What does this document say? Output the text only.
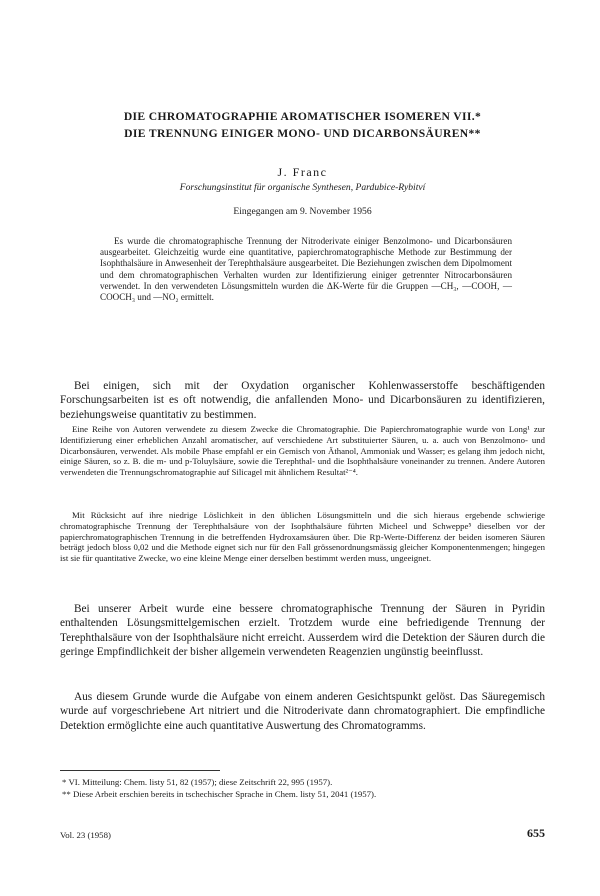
DIE CHROMATOGRAPHIE AROMATISCHER ISOMEREN VII.*
DIE TRENNUNG EINIGER MONO- UND DICARBONSÄUREN**
J. Franc
Forschungsinstitut für organische Synthesen, Pardubice-Rybitví
Eingegangen am 9. November 1956

Es wurde die chromatographische Trennung der Nitroderivate einiger Benzolmono- und Dicarbonsäuren ausgearbeitet. Gleichzeitig wurde eine quantitative, papierchromatographische Methode zur Bestimmung der Isophthalsäure in Anwesenheit der Terephthalsäure ausgearbeitet. Die Beziehungen zwischen dem Dipolmoment und dem chromatographischen Verhalten wurden zur Identifizierung einiger getrennter Nitrocarbonsäuren verwendet. In den verwendeten Lösungsmitteln wurden die ΔK-Werte für die Gruppen —CH₃, —COOH, —COOCH₃ und —NO₂ ermittelt.

Bei einigen, sich mit der Oxydation organischer Kohlenwasserstoffe beschäftigenden Forschungsarbeiten ist es oft notwendig, die anfallenden Mono- und Dicarbonsäuren zu identifizieren, beziehungsweise quantitativ zu bestimmen.

Eine Reihe von Autoren verwendete zu diesem Zwecke die Chromatographie. Die Papierchromatographie wurde von Long¹ zur Identifizierung einer erheblichen Anzahl aromatischer, auf verschiedene Art substituierter Säuren, u. a. auch von Benzolmono- und Dicarbonsäuren, verwendet. Als mobile Phase empfahl er ein Gemisch von Äthanol, Ammoniak und Wasser; es gelang ihm jedoch nicht, einige Säuren, so z. B. die m- und p-Toluylsäure, sowie die Terephthal- und die Isophthalsäure voneinander zu trennen. Andere Autoren verwendeten die Trennungschromatographie auf Silicagel mit ähnlichem Resultat²⁻⁴.

Mit Rücksicht auf ihre niedrige Löslichkeit in den üblichen Lösungsmitteln und die sich hieraus ergebende schwierige chromatographische Trennung der Terephthalsäure von der Isophthalsäure führten Micheel und Schweppe⁵ dieselben vor der papierchromatographischen Trennung in die betreffenden Hydroxamsäuren über. Die Rբ-Werte-Differenz der beiden isomeren Säuren beträgt jedoch bloss 0,02 und die Methode eignet sich nur für den Fall grössenordnungsmässig gleicher Komponentenmengen; hingegen ist sie für quantitative Zwecke, wo eine kleine Menge einer derselben bestimmt werden muss, ungeeignet.

Bei unserer Arbeit wurde eine bessere chromatographische Trennung der Säuren in Pyridin enthaltenden Lösungsmittelgemischen erzielt. Trotzdem wurde eine befriedigende Trennung der Terephthalsäure von der Isophthalsäure nicht erreicht. Ausserdem wird die Detektion der Säuren durch die geringe Empfindlichkeit der bisher allgemein verwendeten Reagenzien ungünstig beeinflusst.

Aus diesem Grunde wurde die Aufgabe von einem anderen Gesichtspunkt gelöst. Das Säuregemisch wurde auf vorgeschriebene Art nitriert und die Nitroderivate dann chromatographiert. Die empfindliche Detektion ermöglichte eine auch quantitative Auswertung des Chromatogramms.

* VI. Mitteilung: Chem. listy 51, 82 (1957); diese Zeitschrift 22, 995 (1957).

** Diese Arbeit erschien bereits in tschechischer Sprache in Chem. listy 51, 2041 (1957).

Vol. 23 (1958)	655
